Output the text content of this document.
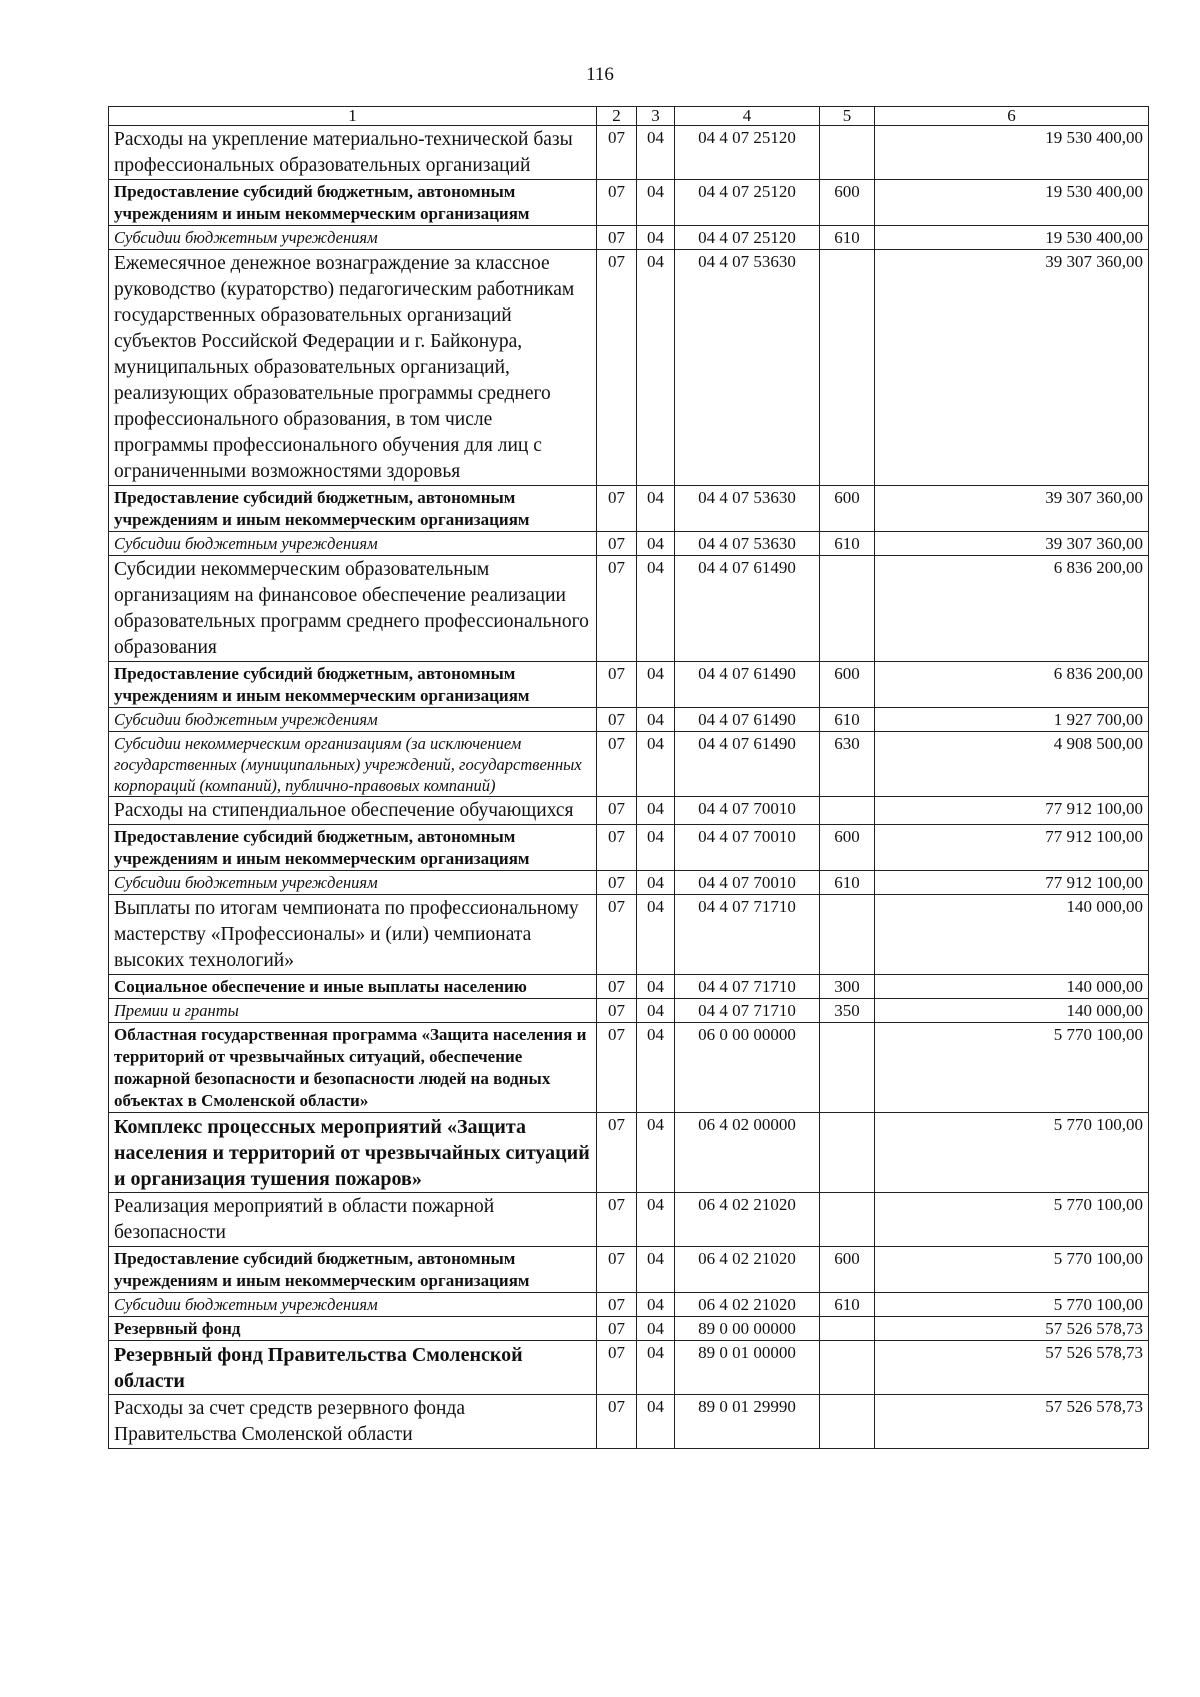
116
1	2	3	4	5	6
Расходы на укрепление материально-технической базы профессиональных образовательных организаций	07	04	04 4 07 25120		19 530 400,00
Предоставление субсидий бюджетным, автономным учреждениям и иным некоммерческим организациям	07	04	04 4 07 25120	600	19 530 400,00
Субсидии бюджетным учреждениям	07	04	04 4 07 25120	610	19 530 400,00
Ежемесячное денежное вознаграждение за классное руководство (кураторство) педагогическим работникам государственных образовательных организаций субъектов Российской Федерации и г. Байконура, муниципальных образовательных организаций, реализующих образовательные программы среднего профессионального образования, в том числе программы профессионального обучения для лиц с ограниченными возможностями здоровья	07	04	04 4 07 53630		39 307 360,00
Предоставление субсидий бюджетным, автономным учреждениям и иным некоммерческим организациям	07	04	04 4 07 53630	600	39 307 360,00
Субсидии бюджетным учреждениям	07	04	04 4 07 53630	610	39 307 360,00
Субсидии некоммерческим образовательным организациям на финансовое обеспечение реализации образовательных программ среднего профессионального образования	07	04	04 4 07 61490		6 836 200,00
Предоставление субсидий бюджетным, автономным учреждениям и иным некоммерческим организациям	07	04	04 4 07 61490	600	6 836 200,00
Субсидии бюджетным учреждениям	07	04	04 4 07 61490	610	1 927 700,00
Субсидии некоммерческим организациям (за исключением государственных (муниципальных) учреждений, государственных корпораций (компаний), публично-правовых компаний)	07	04	04 4 07 61490	630	4 908 500,00
Расходы на стипендиальное обеспечение обучающихся	07	04	04 4 07 70010		77 912 100,00
Предоставление субсидий бюджетным, автономным учреждениям и иным некоммерческим организациям	07	04	04 4 07 70010	600	77 912 100,00
Субсидии бюджетным учреждениям	07	04	04 4 07 70010	610	77 912 100,00
Выплаты по итогам чемпионата по профессиональному мастерству «Профессионалы» и (или) чемпионата высоких технологий»	07	04	04 4 07 71710		140 000,00
Социальное обеспечение и иные выплаты населению	07	04	04 4 07 71710	300	140 000,00
Премии и гранты	07	04	04 4 07 71710	350	140 000,00
Областная государственная программа «Защита населения и территорий от чрезвычайных ситуаций, обеспечение пожарной безопасности и безопасности людей на водных объектах в Смоленской области»	07	04	06 0 00 00000		5 770 100,00
Комплекс процессных мероприятий «Защита населения и территорий от чрезвычайных ситуаций и организация тушения пожаров»	07	04	06 4 02 00000		5 770 100,00
Реализация мероприятий в области пожарной безопасности	07	04	06 4 02 21020		5 770 100,00
Предоставление субсидий бюджетным, автономным учреждениям и иным некоммерческим организациям	07	04	06 4 02 21020	600	5 770 100,00
Субсидии бюджетным учреждениям	07	04	06 4 02 21020	610	5 770 100,00
Резервный фонд	07	04	89 0 00 00000		57 526 578,73
Резервный фонд Правительства Смоленской области	07	04	89 0 01 00000		57 526 578,73
Расходы за счет средств резервного фонда Правительства Смоленской области	07	04	89 0 01 29990		57 526 578,73
